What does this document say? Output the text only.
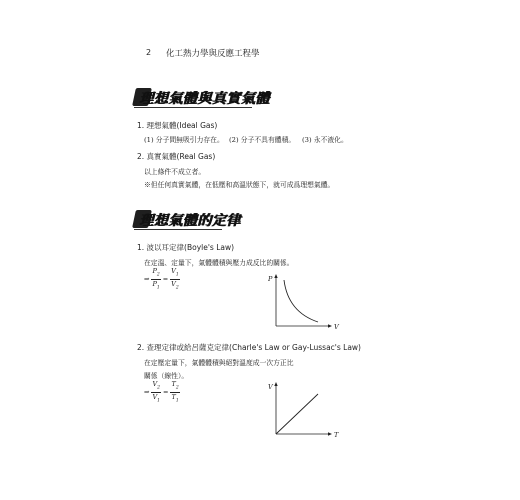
2 化工熱力學與反應工程學
理想氣體與真實氣體
1. 理想氣體(Ideal Gas)
(1) 分子間無吸引力存在。 (2) 分子不具有體積。 (3) 永不液化。
2. 真實氣體(Real Gas)
以上條件不成立者。
※但任何真實氣體，在低壓和高溫狀態下，就可成爲理想氣體。
理想氣體的定律
1. 波以耳定律(Boyle's Law)
在定溫、定量下，氣體體積與壓力成反比的關係。
⇒ $\frac{P_2}{P_1} = \frac{V_1}{V_2}$	P
V
2. 查理定律或給呂薩克定律(Charle's Law or Gay-Lussac's Law)
在定壓定量下，氣體體積與絕對溫度成一次方正比
關係（線性）。
⇒ $\frac{V_2}{V_1} = \frac{T_2}{T_1}$	V
T
